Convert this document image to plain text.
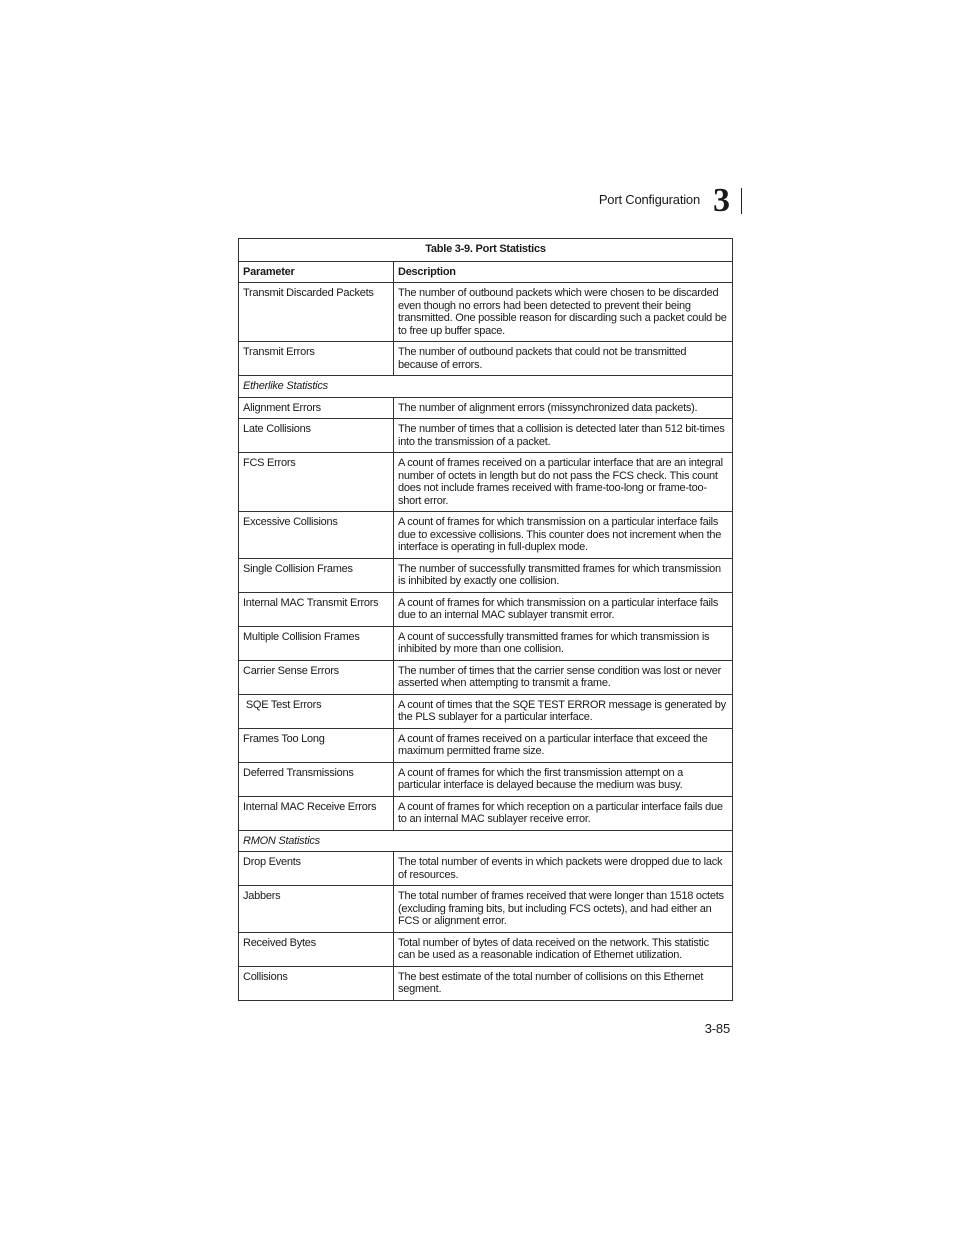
Port Configuration 3
Table 3-9. Port Statistics	
Parameter	Description
Transmit Discarded Packets	The number of outbound packets which were chosen to be discarded even though no errors had been detected to prevent their being transmitted. One possible reason for discarding such a packet could be to free up buffer space.
Transmit Errors	The number of outbound packets that could not be transmitted because of errors.
Etherlike Statistics	
Alignment Errors	The number of alignment errors (missynchronized data packets).
Late Collisions	The number of times that a collision is detected later than 512 bit-times into the transmission of a packet.
FCS Errors	A count of frames received on a particular interface that are an integral number of octets in length but do not pass the FCS check. This count does not include frames received with frame-too-long or frame-too-short error.
Excessive Collisions	A count of frames for which transmission on a particular interface fails due to excessive collisions. This counter does not increment when the interface is operating in full-duplex mode.
Single Collision Frames	The number of successfully transmitted frames for which transmission is inhibited by exactly one collision.
Internal MAC Transmit Errors	A count of frames for which transmission on a particular interface fails due to an internal MAC sublayer transmit error.
Multiple Collision Frames	A count of successfully transmitted frames for which transmission is inhibited by more than one collision.
Carrier Sense Errors	The number of times that the carrier sense condition was lost or never asserted when attempting to transmit a frame.
SQE Test Errors	A count of times that the SQE TEST ERROR message is generated by the PLS sublayer for a particular interface.
Frames Too Long	A count of frames received on a particular interface that exceed the maximum permitted frame size.
Deferred Transmissions	A count of frames for which the first transmission attempt on a particular interface is delayed because the medium was busy.
Internal MAC Receive Errors	A count of frames for which reception on a particular interface fails due to an internal MAC sublayer receive error.
RMON Statistics	
Drop Events	The total number of events in which packets were dropped due to lack of resources.
Jabbers	The total number of frames received that were longer than 1518 octets (excluding framing bits, but including FCS octets), and had either an FCS or alignment error.
Received Bytes	Total number of bytes of data received on the network. This statistic can be used as a reasonable indication of Ethernet utilization.
Collisions	The best estimate of the total number of collisions on this Ethernet segment.
3-85
